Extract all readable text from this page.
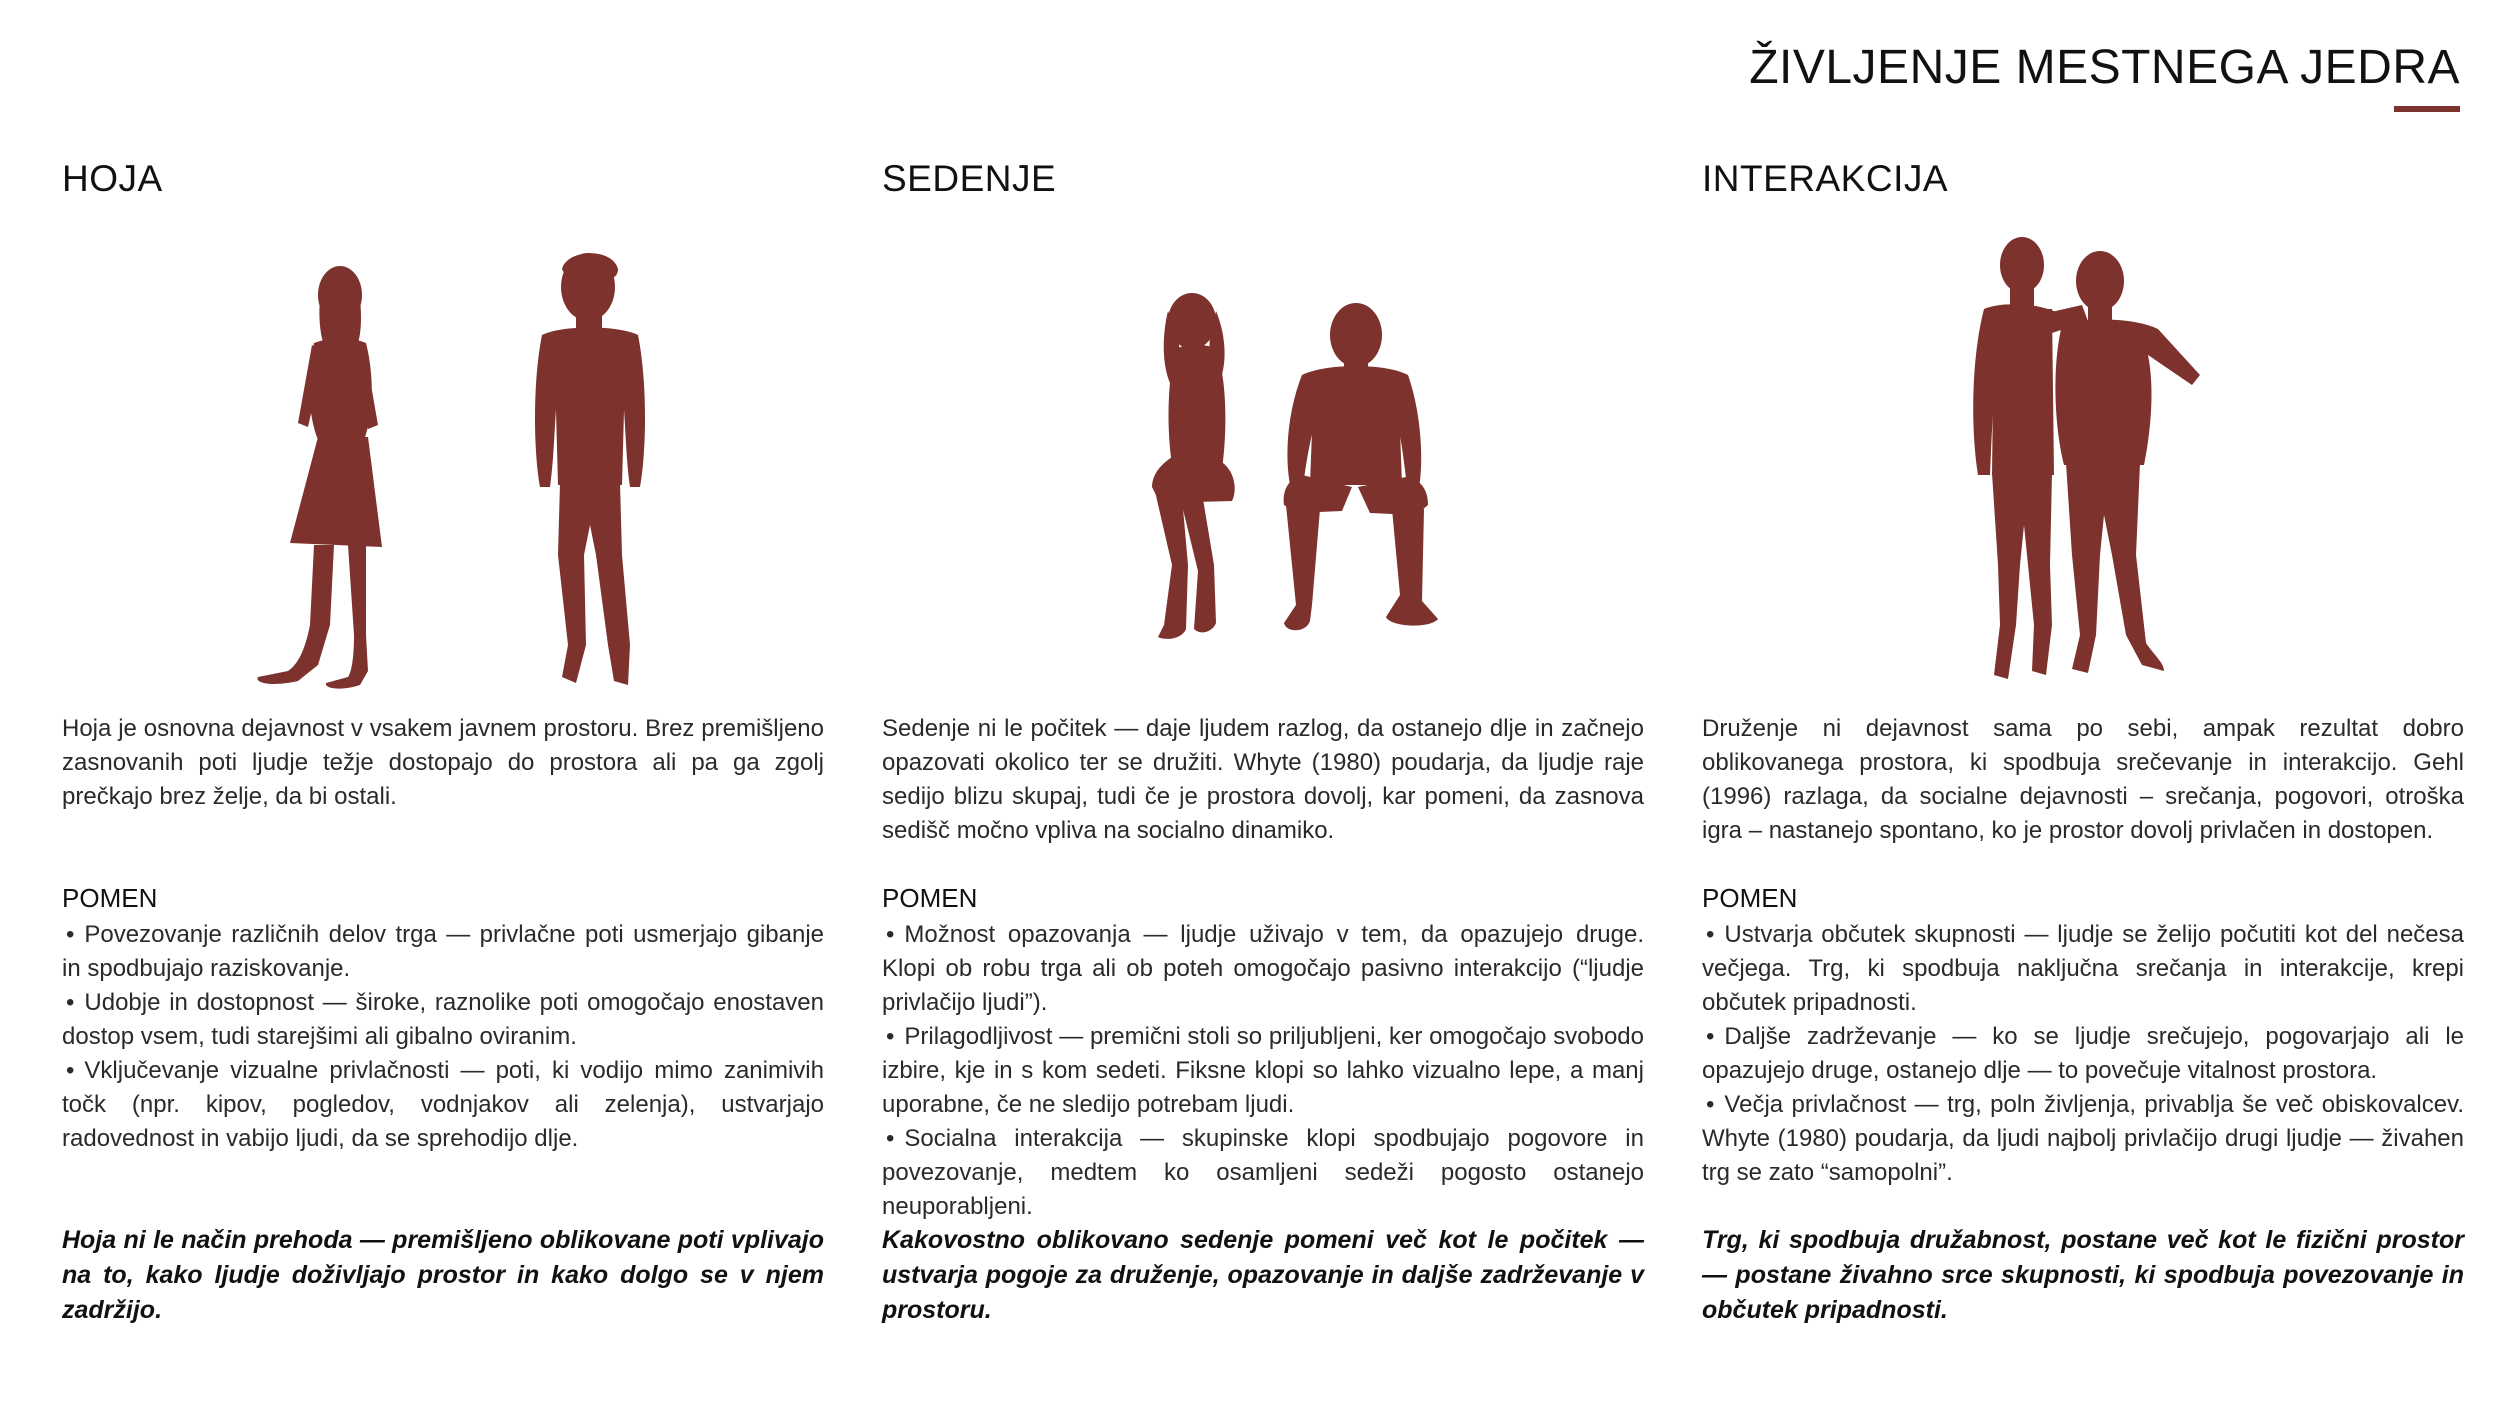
ŽIVLJENJE MESTNEGA JEDRA
HOJA

Hoja je osnovna dejavnost v vsakem javnem prostoru. Brez premišljeno zasnovanih poti ljudje težje dostopajo do prostora ali pa ga zgolj prečkajo brez želje, da bi ostali.

POMEN
• Povezovanje različnih delov trga — privlačne poti usmerjajo gibanje in spodbujajo raziskovanje.
• Udobje in dostopnost — široke, raznolike poti omogočajo enostaven dostop vsem, tudi starejšimi ali gibalno oviranim.
• Vključevanje vizualne privlačnosti — poti, ki vodijo mimo zanimivih točk (npr. kipov, pogledov, vodnjakov ali zelenja), ustvarjajo radovednost in vabijo ljudi, da se sprehodijo dlje.

Hoja ni le način prehoda — premišljeno oblikovane poti vplivajo na to, kako ljudje doživljajo prostor in kako dolgo se v njem zadržijo.

SEDENJE

Sedenje ni le počitek — daje ljudem razlog, da ostanejo dlje in začnejo opazovati okolico ter se družiti. Whyte (1980) poudarja, da ljudje raje sedijo blizu skupaj, tudi če je prostora dovolj, kar pomeni, da zasnova sedišč močno vpliva na socialno dinamiko.

POMEN
• Možnost opazovanja — ljudje uživajo v tem, da opazujejo druge. Klopi ob robu trga ali ob poteh omogočajo pasivno interakcijo (“ljudje privlačijo ljudi”).
• Prilagodljivost — premični stoli so priljubljeni, ker omogočajo svobodo izbire, kje in s kom sedeti. Fiksne klopi so lahko vizualno lepe, a manj uporabne, če ne sledijo potrebam ljudi.
• Socialna interakcija — skupinske klopi spodbujajo pogovore in povezovanje, medtem ko osamljeni sedeži pogosto ostanejo neuporabljeni.

Kakovostno oblikovano sedenje pomeni več kot le počitek — ustvarja pogoje za druženje, opazovanje in daljše zadrževanje v prostoru.

INTERAKCIJA

Druženje ni dejavnost sama po sebi, ampak rezultat dobro oblikovanega prostora, ki spodbuja srečevanje in interakcijo. Gehl (1996) razlaga, da socialne dejavnosti – srečanja, pogovori, otroška igra – nastanejo spontano, ko je prostor dovolj privlačen in dostopen.

POMEN
• Ustvarja občutek skupnosti — ljudje se želijo počutiti kot del nečesa večjega. Trg, ki spodbuja naključna srečanja in interakcije, krepi občutek pripadnosti.
• Daljše zadrževanje — ko se ljudje srečujejo, pogovarjajo ali le opazujejo druge, ostanejo dlje — to povečuje vitalnost prostora.
• Večja privlačnost — trg, poln življenja, privablja še več obiskovalcev. Whyte (1980) poudarja, da ljudi najbolj privlačijo drugi ljudje — živahen trg se zato “samopolni”.

Trg, ki spodbuja družabnost, postane več kot le fizični prostor — postane živahno srce skupnosti, ki spodbuja povezovanje in občutek pripadnosti.
